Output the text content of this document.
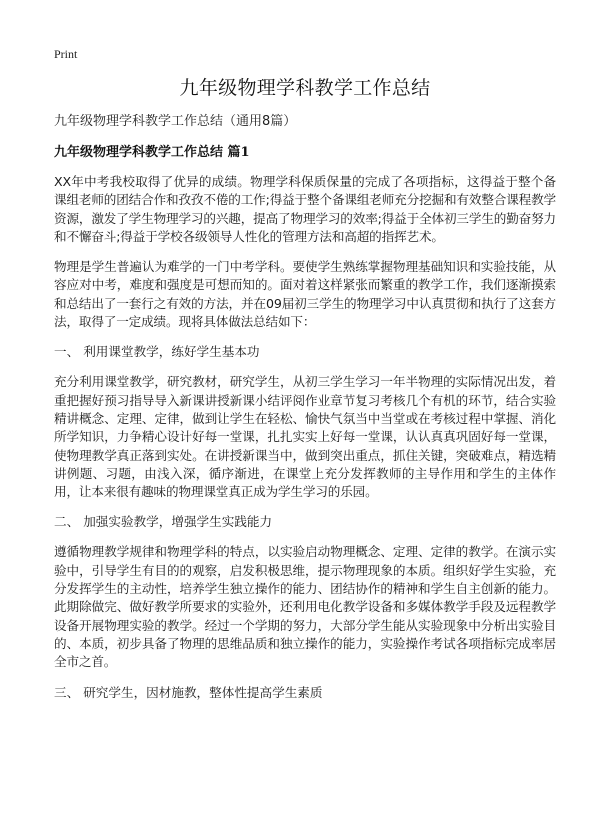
Print
九年级物理学科教学工作总结
九年级物理学科教学工作总结（通用8篇）
九年级物理学科教学工作总结 篇1

XX年中考我校取得了优异的成绩。物理学科保质保量的完成了各项指标，这得益于整个备课组老师的团结合作和孜孜不倦的工作;得益于整个备课组老师充分挖掘和有效整合课程教学资源，激发了学生物理学习的兴趣，提高了物理学习的效率;得益于全体初三学生的勤奋努力和不懈奋斗;得益于学校各级领导人性化的管理方法和高超的指挥艺术。

物理是学生普遍认为难学的一门中考学科。要使学生熟练掌握物理基础知识和实验技能，从容应对中考，难度和强度是可想而知的。面对着这样紧张而繁重的教学工作，我们逐渐摸索和总结出了一套行之有效的方法，并在09届初三学生的物理学习中认真贯彻和执行了这套方法，取得了一定成绩。现将具体做法总结如下：

一、 利用课堂教学，练好学生基本功

充分利用课堂教学，研究教材，研究学生，从初三学生学习一年半物理的实际情况出发，着重把握好预习指导导入新课讲授新课小结评阅作业章节复习考核几个有机的环节，结合实验精讲概念、定理、定律，做到让学生在轻松、愉快气氛当中当堂或在考核过程中掌握、消化所学知识，力争精心设计好每一堂课，扎扎实实上好每一堂课，认认真真巩固好每一堂课，使物理教学真正落到实处。在讲授新课当中，做到突出重点，抓住关键，突破难点，精选精讲例题、习题，由浅入深，循序渐进，在课堂上充分发挥教师的主导作用和学生的主体作用，让本来很有趣味的物理课堂真正成为学生学习的乐园。

二、 加强实验教学，增强学生实践能力

遵循物理教学规律和物理学科的特点，以实验启动物理概念、定理、定律的教学。在演示实验中，引导学生有目的的观察，启发积极思维，提示物理现象的本质。组织好学生实验，充分发挥学生的主动性，培养学生独立操作的能力、团结协作的精神和学生自主创新的能力。此期除做完、做好教学所要求的实验外，还利用电化教学设备和多媒体教学手段及远程教学设备开展物理实验的教学。经过一个学期的努力，大部分学生能从实验现象中分析出实验目的、本质，初步具备了物理的思维品质和独立操作的能力，实验操作考试各项指标完成率居全市之首。

三、 研究学生，因材施教，整体性提高学生素质
